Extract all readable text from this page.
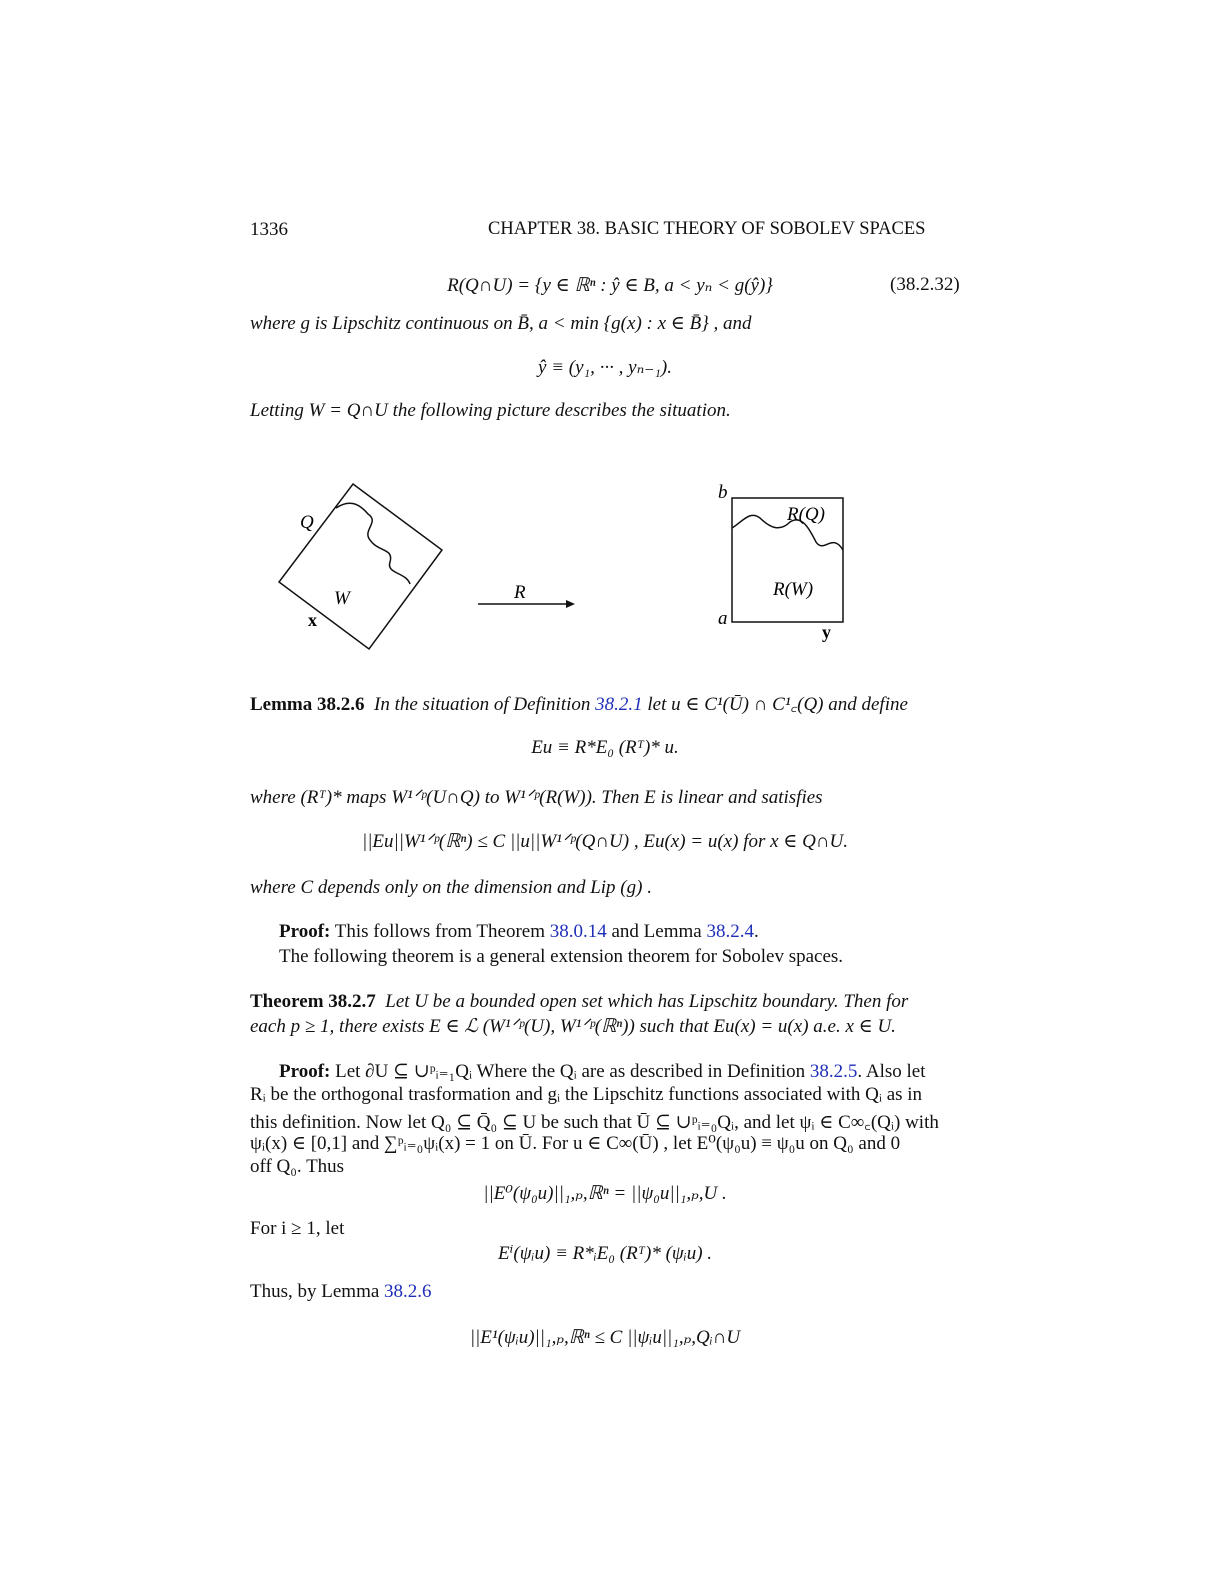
1336	CHAPTER 38. BASIC THEORY OF SOBOLEV SPACES
R(Q∩U) = {y ∈ ℝⁿ : ŷ ∈ B, a < yₙ < g(ŷ)}	(38.2.32)
where g is Lipschitz continuous on B̄, a < min {g(x) : x ∈ B̄} , and
ŷ ≡ (y₁, ··· , yₙ₋₁).
Letting W = Q∩U the following picture describes the situation.
Q
W
x
R
b
a
R(Q)
R(W)
y
Lemma 38.2.6 In the situation of Definition 38.2.1 let u ∈ C¹(Ū) ∩ C¹꜀(Q) and define
Eu ≡ R*E₀ (Rᵀ)* u.
where (Rᵀ)* maps W¹ᐟᵖ(U∩Q) to W¹ᐟᵖ(R(W)). Then E is linear and satisfies
||Eu||W¹ᐟᵖ(ℝⁿ) ≤ C ||u||W¹ᐟᵖ(Q∩U) , Eu(x) = u(x) for x ∈ Q∩U.
where C depends only on the dimension and Lip (g) .
Proof: This follows from Theorem 38.0.14 and Lemma 38.2.4.
The following theorem is a general extension theorem for Sobolev spaces.
Theorem 38.2.7 Let U be a bounded open set which has Lipschitz boundary. Then for
each p ≥ 1, there exists E ∈ ℒ (W¹ᐟᵖ(U), W¹ᐟᵖ(ℝⁿ)) such that Eu(x) = u(x) a.e. x ∈ U.
Proof: Let ∂U ⊆ ∪ᵖᵢ₌₁Qᵢ Where the Qᵢ are as described in Definition 38.2.5. Also let
Rᵢ be the orthogonal trasformation and gᵢ the Lipschitz functions associated with Qᵢ as in
this definition. Now let Q₀ ⊆ Q̄₀ ⊆ U be such that Ū ⊆ ∪ᵖᵢ₌₀Qᵢ, and let ψᵢ ∈ C∞꜀(Qᵢ) with
ψᵢ(x) ∈ [0,1] and ∑ᵖᵢ₌₀ψᵢ(x) = 1 on Ū. For u ∈ C∞(Ū) , let E⁰(ψ₀u) ≡ ψ₀u on Q₀ and 0
off Q₀. Thus
||E⁰(ψ₀u)||₁,ₚ,ℝⁿ = ||ψ₀u||₁,ₚ,U .
For i ≥ 1, let
Eⁱ(ψᵢu) ≡ R*ᵢE₀ (Rᵀ)* (ψᵢu) .
Thus, by Lemma 38.2.6
||E¹(ψᵢu)||₁,ₚ,ℝⁿ ≤ C ||ψᵢu||₁,ₚ,Qᵢ∩U
